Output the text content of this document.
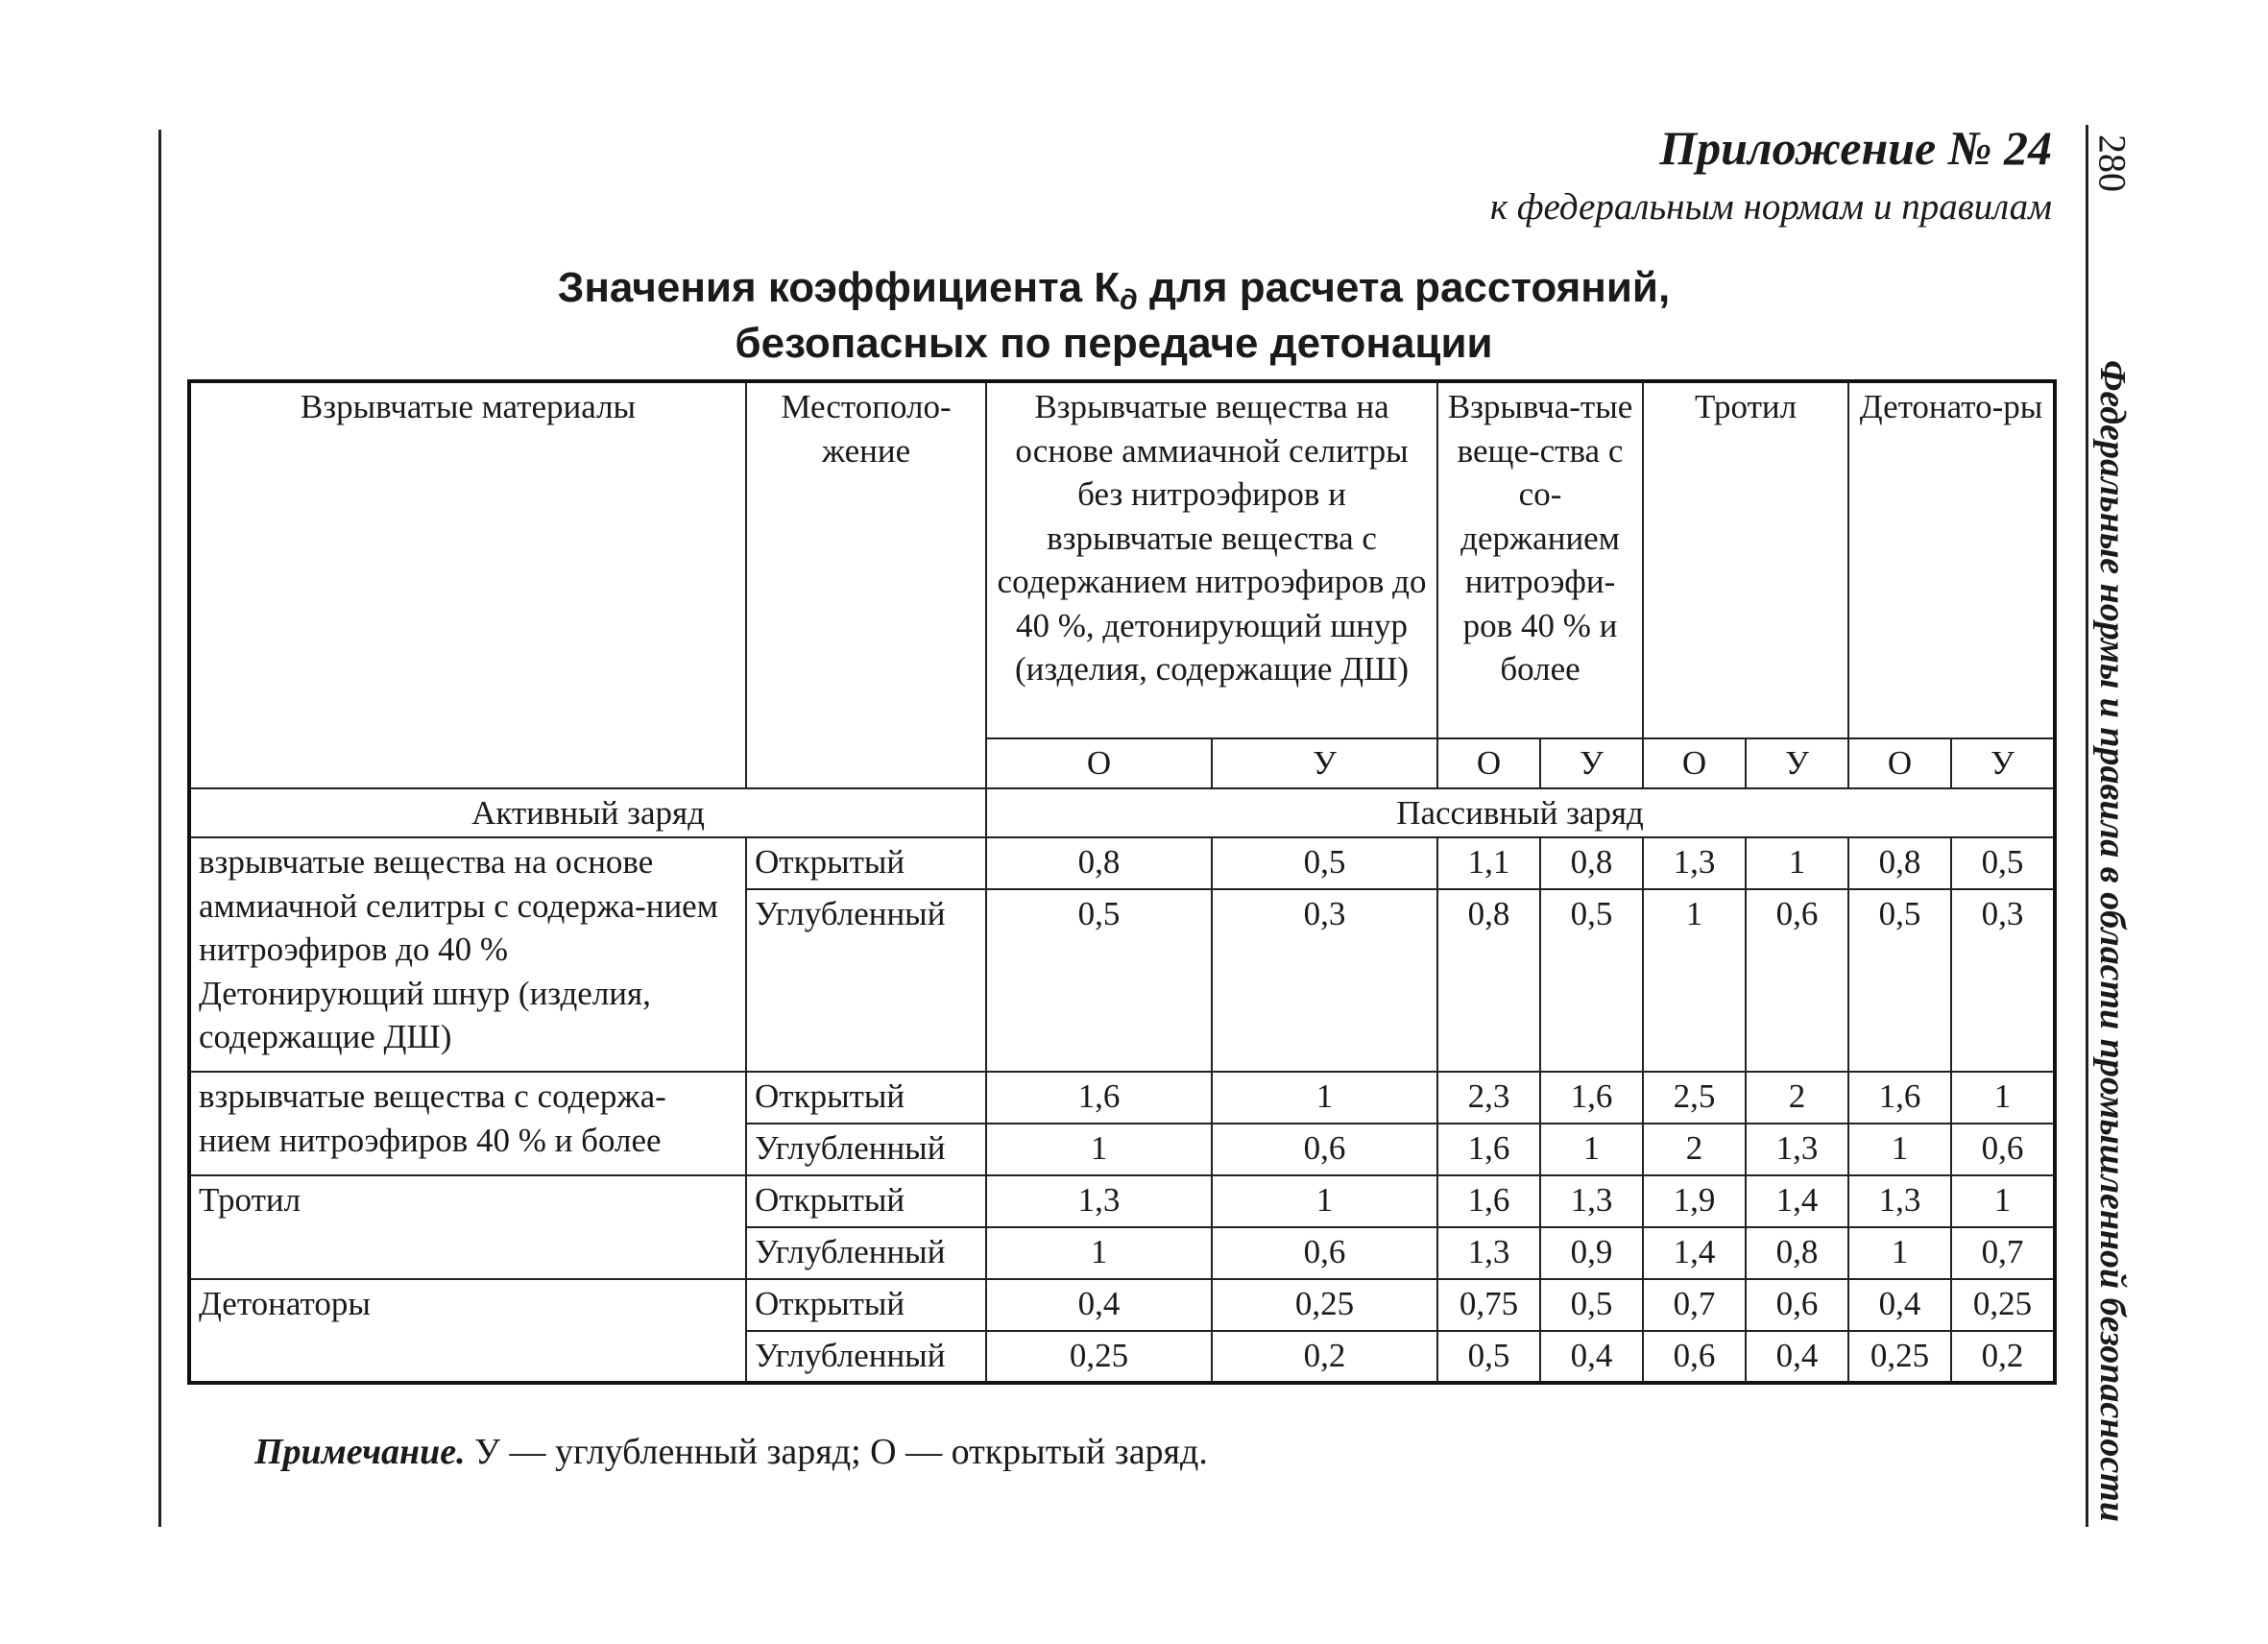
280
Федеральные нормы и правила в области промышленной безопасности
Приложение № 24
к федеральным нормам и правилам
Значения коэффициента Кд для расчета расстояний,
безопасных по передаче детонации
Взрывчатые материалы	Местополо-жение	Взрывчатые вещества на основе аммиачной селитры без нитроэфиров и взрывчатые вещества с содержанием нитроэфиров до 40 %, детонирующий шнур (изделия, содержащие ДШ)		Взрывча-тые веще-ства с со-держанием нитроэфи-ров 40 % и более		Тротил		Детонато-ры	
		О	У	О	У	О	У	О	У
Активный заряд		Пассивный заряд							
взрывчатые вещества на основе аммиачной селитры с содержа-нием нитроэфиров до 40 % Детонирующий шнур (изделия, содержащие ДШ)	Открытый	0,8	0,5	1,1	0,8	1,3	1	0,8	0,5
	Углубленный	0,5	0,3	0,8	0,5	1	0,6	0,5	0,3
взрывчатые вещества с содержа-нием нитроэфиров 40 % и более	Открытый	1,6	1	2,3	1,6	2,5	2	1,6	1
	Углубленный	1	0,6	1,6	1	2	1,3	1	0,6
Тротил	Открытый	1,3	1	1,6	1,3	1,9	1,4	1,3	1
	Углубленный	1	0,6	1,3	0,9	1,4	0,8	1	0,7
Детонаторы	Открытый	0,4	0,25	0,75	0,5	0,7	0,6	0,4	0,25
	Углубленный	0,25	0,2	0,5	0,4	0,6	0,4	0,25	0,2
Примечание. У — углубленный заряд; О — открытый заряд.
